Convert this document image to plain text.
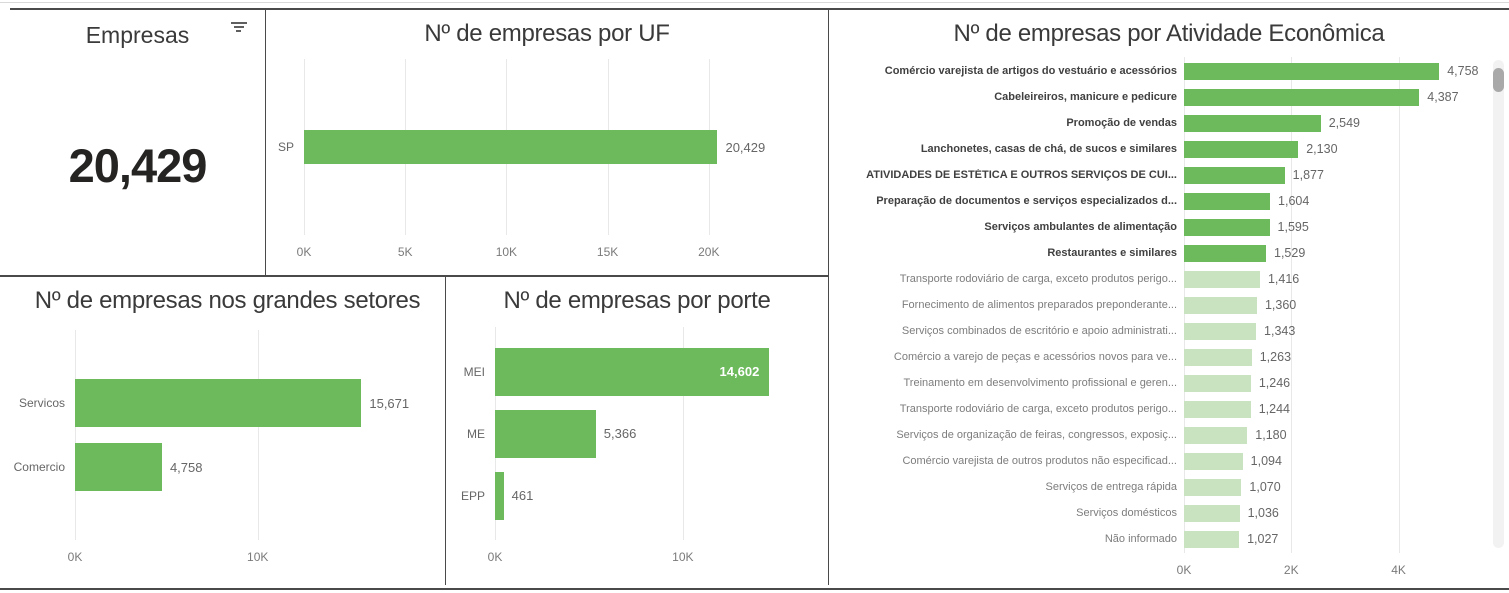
Empresas
20,429
Nº de empresas por UF
SP	20,429
0K	5K	10K	15K	20K
Nº de empresas nos grandes setores
Servicos	15,671
Comercio	4,758
0K	10K
Nº de empresas por porte
MEI	14,602
ME	5,366
EPP	461
0K	10K
Nº de empresas por Atividade Econômica
Comércio varejista de artigos do vestuário e acessórios	4,758
Cabeleireiros, manicure e pedicure	4,387
Promoção de vendas	2,549
Lanchonetes, casas de chá, de sucos e similares	2,130
ATIVIDADES DE ESTÉTICA E OUTROS SERVIÇOS DE CUI...	1,877
Preparação de documentos e serviços especializados d...	1,604
Serviços ambulantes de alimentação	1,595
Restaurantes e similares	1,529
Transporte rodoviário de carga, exceto produtos perigo...	1,416
Fornecimento de alimentos preparados preponderante...	1,360
Serviços combinados de escritório e apoio administrati...	1,343
Comércio a varejo de peças e acessórios novos para ve...	1,263
Treinamento em desenvolvimento profissional e geren...	1,246
Transporte rodoviário de carga, exceto produtos perigo...	1,244
Serviços de organização de feiras, congressos, exposiç...	1,180
Comércio varejista de outros produtos não especificad...	1,094
Serviços de entrega rápida	1,070
Serviços domésticos	1,036
Não informado	1,027
0K	2K	4K
